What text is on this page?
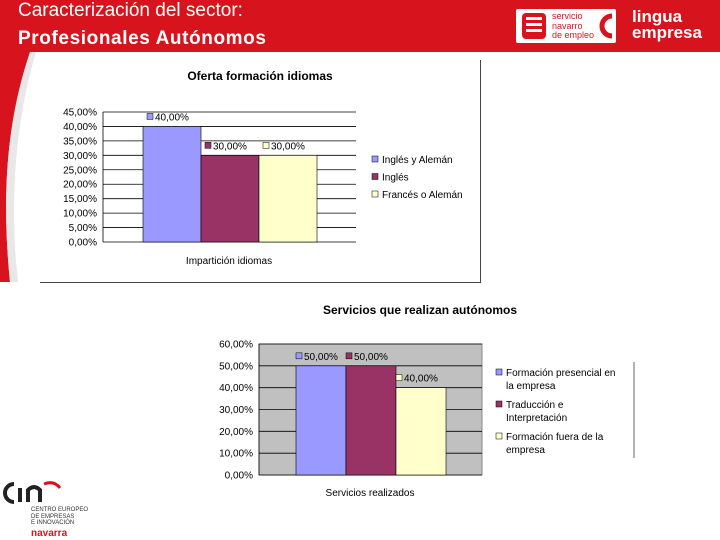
Caracterización del sector:
Profesionales Autónomos
servicio
navarro
de empleo
lingua
empresa
Oferta formación idiomas
0,00%
5,00%
10,00%
15,00%
20,00%
25,00%
30,00%
35,00%
40,00%
45,00%	40,00%
30,00% 30,00%
Impartición idiomas
Inglés y Alemán
Inglés
Francés o Alemán
Servicios que realizan autónomos
0,00%
10,00%
20,00%
30,00%
40,00%
50,00%
60,00%
50,00% 50,00%
40,00%
Servicios realizados
Formación presencial en la empresa
Traducción e Interpretación
Formación fuera de la empresa
CENTRO EUROPEO
DE EMPRESAS
E INNOVACIÓN
navarra
